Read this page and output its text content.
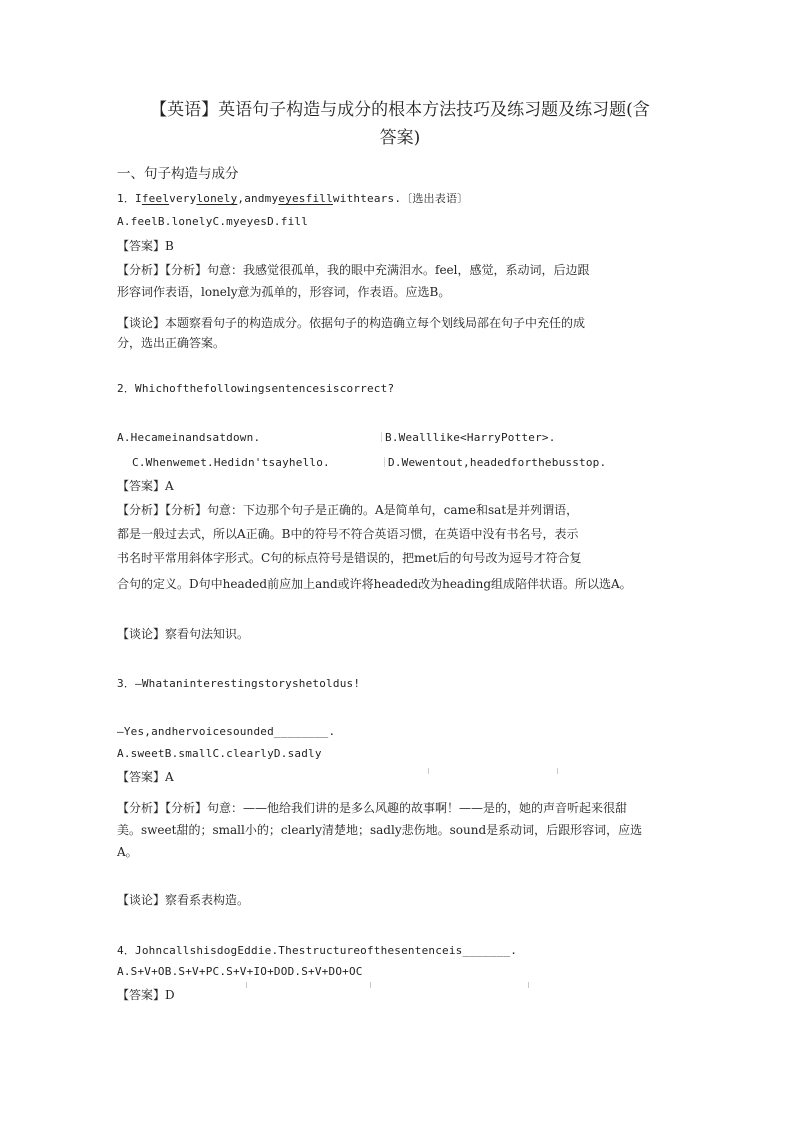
【英语】英语句子构造与成分的根本方法技巧及练习题及练习题(含
答案)
一、句子构造与成分
1．Ifeelverylonely,andmyeyesfillwithtears.〔选出表语〕
A.feelB.lonelyC.myeyesD.fill
【答案】B
【分析】【分析】句意：我感觉很孤单，我的眼中充满泪水。feel，感觉，系动词，后边跟
形容词作表语，lonely意为孤单的，形容词，作表语。应选B。
【谈论】本题察看句子的构造成分。依据句子的构造确立每个划线局部在句子中充任的成
分，选出正确答案。
2．Whichofthefollowingsentencesiscorrect?
A.Hecameinandsatdown.	B.Wealllike<HarryPotter>.
C.Whenwemet.Hedidn'tsayhello.	D.Wewentout,headedforthebusstop.
【答案】A
【分析】【分析】句意：下边那个句子是正确的。A是简单句，came和sat是并列谓语，
都是一般过去式，所以A正确。B中的符号不符合英语习惯，在英语中没有书名号，表示
书名时平常用斜体字形式。C句的标点符号是错误的，把met后的句号改为逗号才符合复
合句的定义。D句中headed前应加上and或许将headed改为heading组成陪伴状语。所以选A。
【谈论】察看句法知识。
3．—Whataninterestingstoryshetoldus!
—Yes,andhervoicesounded________.
A.sweetB.smallC.clearlyD.sadly
【答案】A
【分析】【分析】句意：——他给我们讲的是多么风趣的故事啊！——是的，她的声音听起来很甜
美。sweet甜的；small小的；clearly清楚地；sadly悲伤地。sound是系动词，后跟形容词，应选
A。
【谈论】察看系表构造。
4．JohncallshisdogEddie.Thestructureofthesentenceis_______.
A.S+V+OB.S+V+PC.S+V+IO+DOD.S+V+DO+OC
【答案】D
